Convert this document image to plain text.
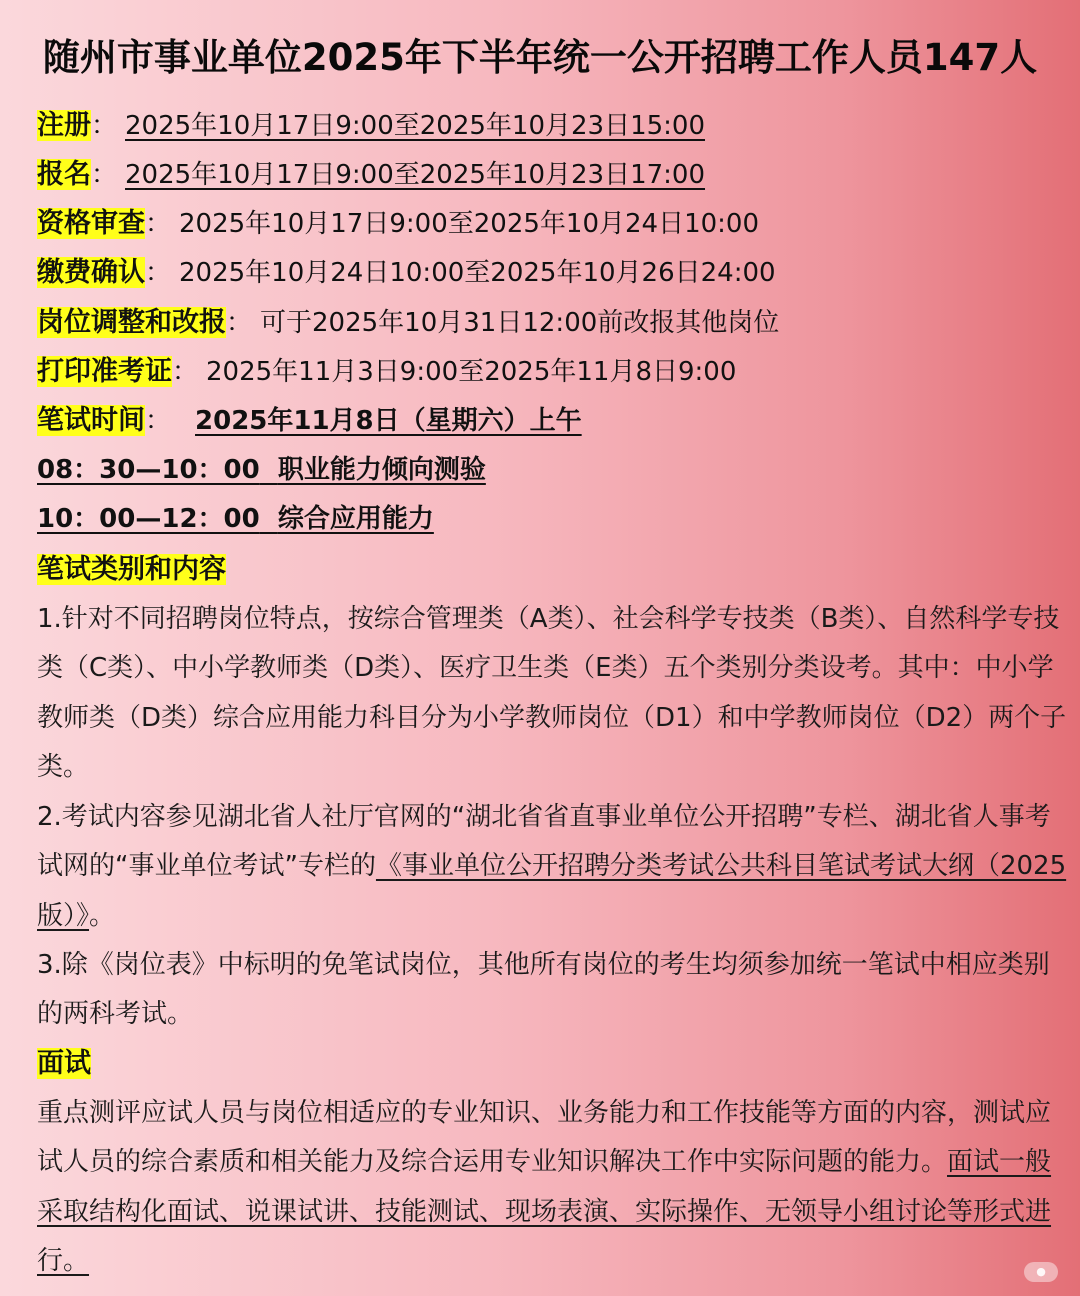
随州市事业单位2025年下半年统一公开招聘工作人员147人
注册： 2025年10月17日9:00至2025年10月23日15:00
报名： 2025年10月17日9:00至2025年10月23日17:00
资格审查： 2025年10月17日9:00至2025年10月24日10:00
缴费确认： 2025年10月24日10:00至2025年10月26日24:00
岗位调整和改报： 可于2025年10月31日12:00前改报其他岗位
打印准考证： 2025年11月3日9:00至2025年11月8日9:00
笔试时间： 2025年11月8日（星期六）上午
08：30—10：00 职业能力倾向测验
10：00—12：00 综合应用能力
笔试类别和内容
1.针对不同招聘岗位特点，按综合管理类（A类）、社会科学专技类（B类）、自然科学专技类（C类）、中小学教师类（D类）、医疗卫生类（E类）五个类别分类设考。其中：中小学教师类（D类）综合应用能力科目分为小学教师岗位（D1）和中学教师岗位（D2）两个子类。
2.考试内容参见湖北省人社厅官网的“湖北省省直事业单位公开招聘”专栏、湖北省人事考试网的“事业单位考试”专栏的《事业单位公开招聘分类考试公共科目笔试考试大纲（2025版）》。
3.除《岗位表》中标明的免笔试岗位，其他所有岗位的考生均须参加统一笔试中相应类别的两科考试。
面试
重点测评应试人员与岗位相适应的专业知识、业务能力和工作技能等方面的内容，测试应试人员的综合素质和相关能力及综合运用专业知识解决工作中实际问题的能力。面试一般采取结构化面试、说课试讲、技能测试、现场表演、实际操作、无领导小组讨论等形式进行。	●
